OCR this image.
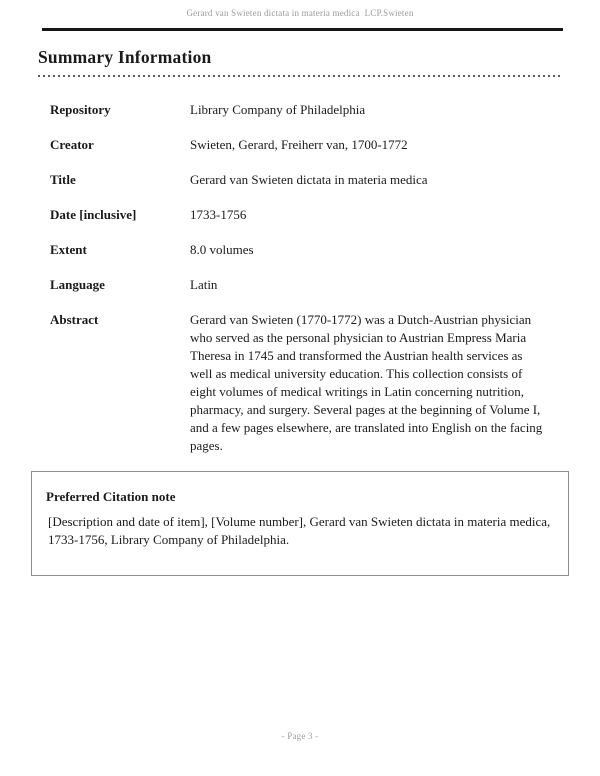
Gerard van Swieten dictata in materia medica  LCP.Swieten
Summary Information
Repository	Library Company of Philadelphia
Creator	Swieten, Gerard, Freiherr van, 1700-1772
Title	Gerard van Swieten dictata in materia medica
Date [inclusive]	1733-1756
Extent	8.0 volumes
Language	Latin
Abstract	Gerard van Swieten (1770-1772) was a Dutch-Austrian physician who served as the personal physician to Austrian Empress Maria Theresa in 1745 and transformed the Austrian health services as well as medical university education. This collection consists of eight volumes of medical writings in Latin concerning nutrition, pharmacy, and surgery. Several pages at the beginning of Volume I, and a few pages elsewhere, are translated into English on the facing pages.
Preferred Citation note
[Description and date of item], [Volume number], Gerard van Swieten dictata in materia medica, 1733-1756, Library Company of Philadelphia.
- Page 3 -
